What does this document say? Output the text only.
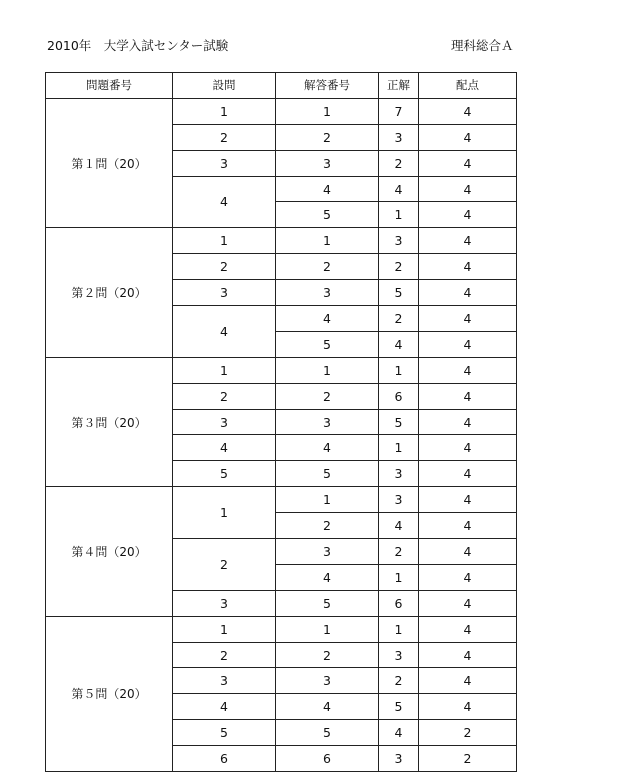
2010年　大学入試センター試験	理科総合Ａ
問題番号	設問	解答番号	正解	配点
第１問（20）	1	1	7	4
	2	2	3	4
	3	3	2	4
	4	4	4	4
		5	1	4
第２問（20）	1	1	3	4
	2	2	2	4
	3	3	5	4
	4	4	2	4
		5	4	4
第３問（20）	1	1	1	4
	2	2	6	4
	3	3	5	4
	4	4	1	4
	5	5	3	4
第４問（20）	1	1	3	4
		2	4	4
	2	3	2	4
		4	1	4
	3	5	6	4
第５問（20）	1	1	1	4
	2	2	3	4
	3	3	2	4
	4	4	5	4
	5	5	4	2
	6	6	3	2
